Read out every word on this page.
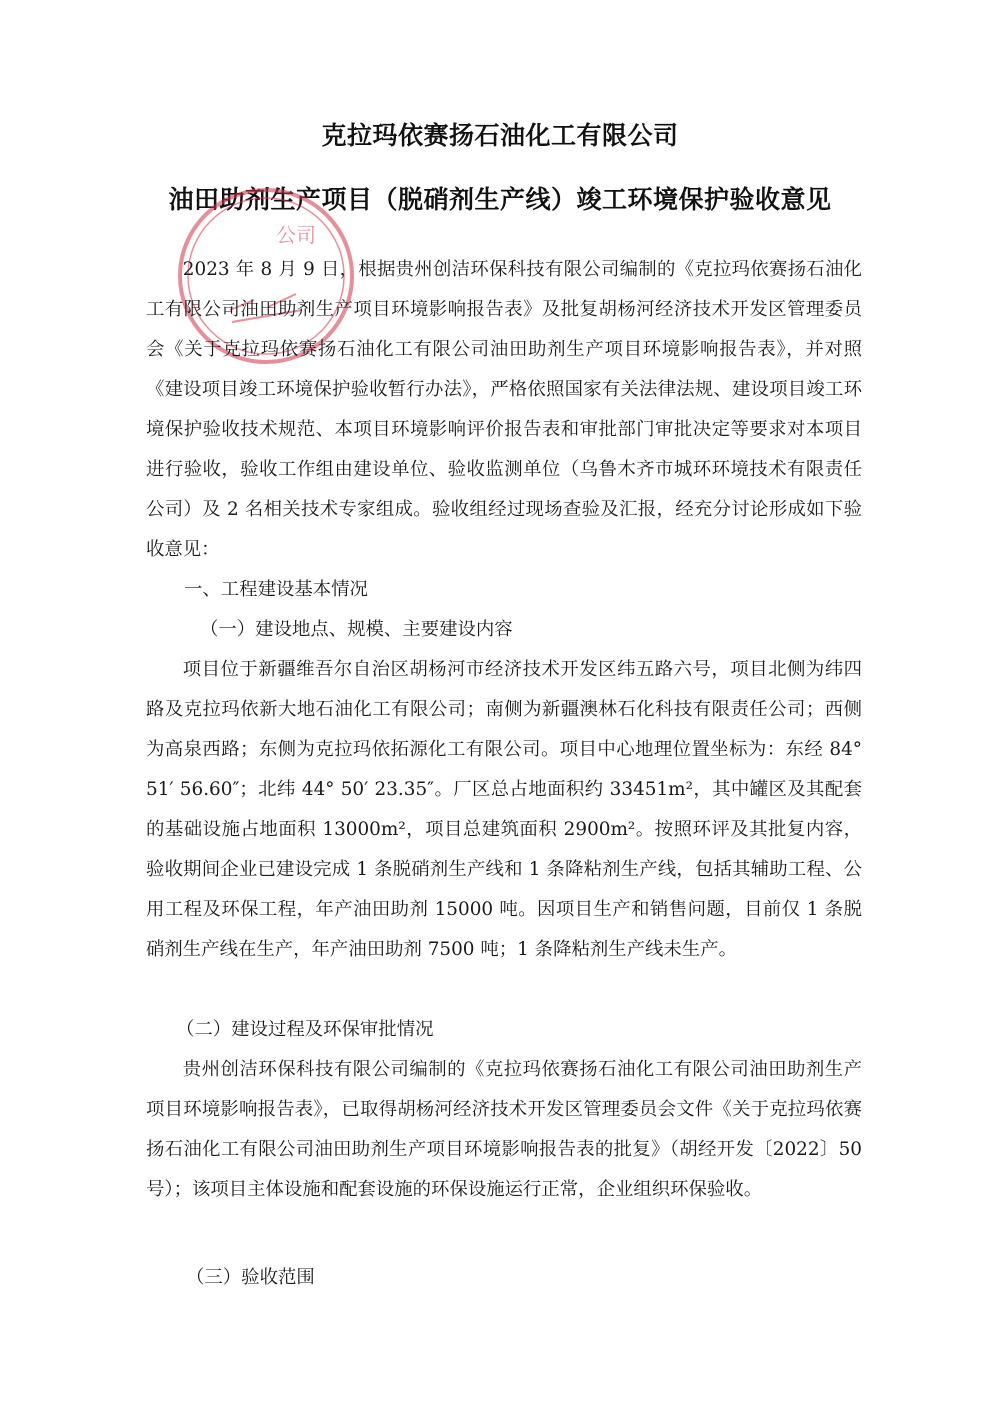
克拉玛依赛扬石油化工有限公司
油田助剂生产项目（脱硝剂生产线）竣工环境保护验收意见
公司

2023 年 8 月 9 日，根据贵州创洁环保科技有限公司编制的《克拉玛依赛扬石油化工有限公司油田助剂生产项目环境影响报告表》及批复胡杨河经济技术开发区管理委员会《关于克拉玛依赛扬石油化工有限公司油田助剂生产项目环境影响报告表》，并对照《建设项目竣工环境保护验收暂行办法》，严格依照国家有关法律法规、建设项目竣工环境保护验收技术规范、本项目环境影响评价报告表和审批部门审批决定等要求对本项目进行验收，验收工作组由建设单位、验收监测单位（乌鲁木齐市城环环境技术有限责任公司）及 2 名相关技术专家组成。验收组经过现场查验及汇报，经充分讨论形成如下验收意见：

一、工程建设基本情况
（一）建设地点、规模、主要建设内容

项目位于新疆维吾尔自治区胡杨河市经济技术开发区纬五路六号，项目北侧为纬四路及克拉玛依新大地石油化工有限公司；南侧为新疆澳林石化科技有限责任公司；西侧为高泉西路；东侧为克拉玛依拓源化工有限公司。项目中心地理位置坐标为：东经 84° 51′ 56.60″；北纬 44° 50′ 23.35″。厂区总占地面积约 33451m²，其中罐区及其配套的基础设施占地面积 13000m²，项目总建筑面积 2900m²。按照环评及其批复内容，验收期间企业已建设完成 1 条脱硝剂生产线和 1 条降粘剂生产线，包括其辅助工程、公用工程及环保工程，年产油田助剂 15000 吨。因项目生产和销售问题，目前仅 1 条脱硝剂生产线在生产，年产油田助剂 7500 吨；1 条降粘剂生产线未生产。

（二）建设过程及环保审批情况

贵州创洁环保科技有限公司编制的《克拉玛依赛扬石油化工有限公司油田助剂生产项目环境影响报告表》，已取得胡杨河经济技术开发区管理委员会文件《关于克拉玛依赛扬石油化工有限公司油田助剂生产项目环境影响报告表的批复》（胡经开发〔2022〕50 号）；该项目主体设施和配套设施的环保设施运行正常，企业组织环保验收。

（三）验收范围
